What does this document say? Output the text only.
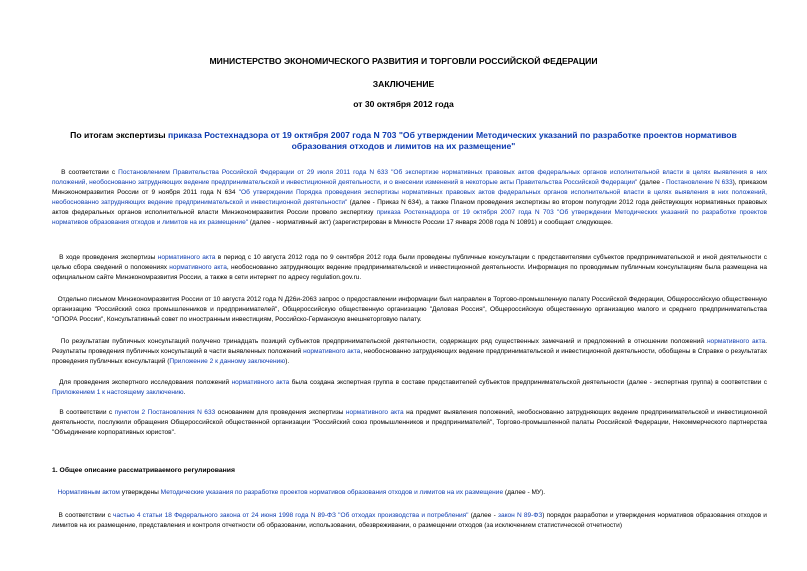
МИНИСТЕРСТВО ЭКОНОМИЧЕСКОГО РАЗВИТИЯ И ТОРГОВЛИ РОССИЙСКОЙ ФЕДЕРАЦИИ
ЗАКЛЮЧЕНИЕ
от 30 октября 2012 года
По итогам экспертизы приказа Ростехнадзора от 19 октября 2007 года N 703 "Об утверждении Методических указаний по разработке проектов нормативов образования отходов и лимитов на их размещение"
В соответствии с Постановлением Правительства Российской Федерации от 29 июля 2011 года N 633 "Об экспертизе нормативных правовых актов федеральных органов исполнительной власти в целях выявления в них положений, необоснованно затрудняющих ведение предпринимательской и инвестиционной деятельности, и о внесении изменений в некоторые акты Правительства Российской Федерации" (далее - Постановление N 633), приказом Минэкономразвития России от 9 ноября 2011 года N 634 "Об утверждении Порядка проведения экспертизы нормативных правовых актов федеральных органов исполнительной власти в целях выявления в них положений, необоснованно затрудняющих ведение предпринимательской и инвестиционной деятельности" (далее - Приказ N 634), а также Планом проведения экспертизы во втором полугодии 2012 года действующих нормативных правовых актов федеральных органов исполнительной власти Минэкономразвития России провело экспертизу приказа Ростехнадзора от 19 октября 2007 года N 703 "Об утверждении Методических указаний по разработке проектов нормативов образования отходов и лимитов на их размещение" (далее - нормативный акт) (зарегистрирован в Минюсте России 17 января 2008 года N 10891) и сообщает следующее.
В ходе проведения экспертизы нормативного акта в период с 10 августа 2012 года по 9 сентября 2012 года были проведены публичные консультации с представителями субъектов предпринимательской и иной деятельности с целью сбора сведений о положениях нормативного акта, необоснованно затрудняющих ведение предпринимательской и инвестиционной деятельности. Информация по проводимым публичным консультациям была размещена на официальном сайте Минэкономразвития России, а также в сети интернет по адресу regulation.gov.ru.
Отдельно письмом Минэкономразвития России от 10 августа 2012 года N Д26и-2063 запрос о предоставлении информации был направлен в Торгово-промышленную палату Российской Федерации, Общероссийскую общественную организацию "Российский союз промышленников и предпринимателей", Общероссийскую общественную организацию "Деловая Россия", Общероссийскую общественную организацию малого и среднего предпринимательства "ОПОРА России", Консультативный совет по иностранным инвестициям, Российско-Германскую внешнеторговую палату.
По результатам публичных консультаций получено тринадцать позиций субъектов предпринимательской деятельности, содержащих ряд существенных замечаний и предложений в отношении положений нормативного акта. Результаты проведения публичных консультаций в части выявленных положений нормативного акта, необоснованно затрудняющих ведение предпринимательской и инвестиционной деятельности, обобщены в Справке о результатах проведения публичных консультаций (Приложение 2 к данному заключению).
Для проведения экспертного исследования положений нормативного акта была создана экспертная группа в составе представителей субъектов предпринимательской деятельности (далее - экспертная группа) в соответствии с Приложением 1 к настоящему заключению.
В соответствии с пунктом 2 Постановления N 633 основанием для проведения экспертизы нормативного акта на предмет выявления положений, необоснованно затрудняющих ведение предпринимательской и инвестиционной деятельности, послужили обращения Общероссийской общественной организации "Российский союз промышленников и предпринимателей", Торгово-промышленной палаты Российской Федерации, Некоммерческого партнерства "Объединение корпоративных юристов".
1. Общее описание рассматриваемого регулирования
Нормативным актом утверждены Методические указания по разработке проектов нормативов образования отходов и лимитов на их размещение (далее - МУ).
В соответствии с частью 4 статьи 18 Федерального закона от 24 июня 1998 года N 89-ФЗ "Об отходах производства и потребления" (далее - закон N 89-ФЗ) порядок разработки и утверждения нормативов образования отходов и лимитов на их размещение, представления и контроля отчетности об образовании, использовании, обезвреживании, о размещении отходов (за исключением статистической отчетности)
